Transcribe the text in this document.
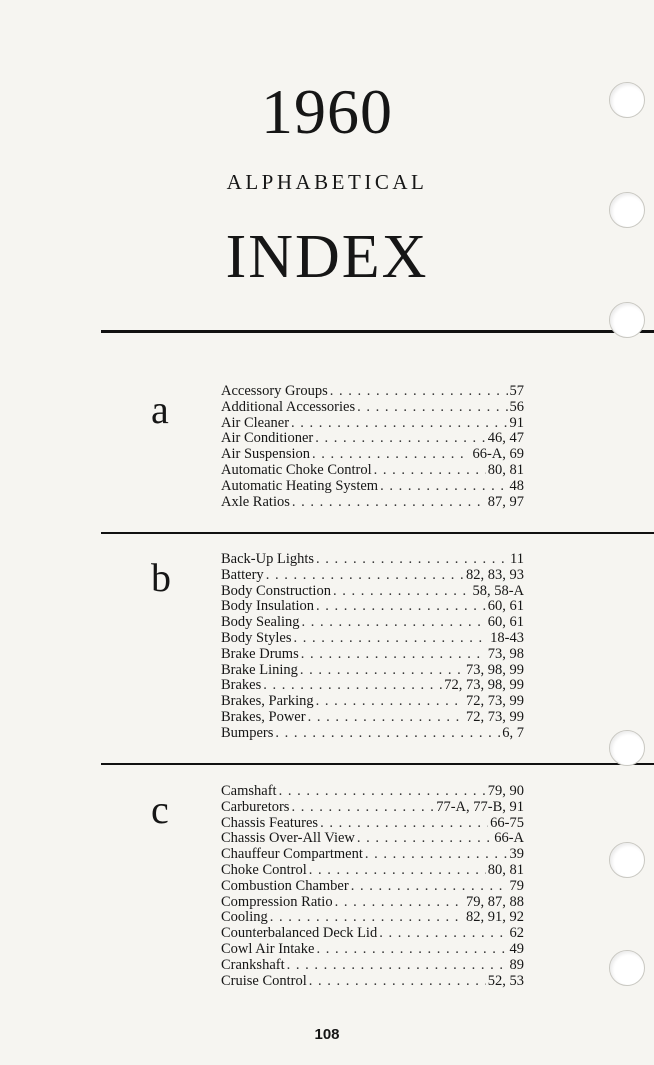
1960
ALPHABETICAL
INDEX
a	Accessory Groups . . .	57
Additional Accessories . . .	56
Air Cleaner . . .	91
Air Conditioner . . .	46, 47
Air Suspension . . .	66-A, 69
Automatic Choke Control . . .	80, 81
Automatic Heating System . . .	48
Axle Ratios . . .	87, 97
b	Back-Up Lights . . .	11
Battery . . .	82, 83, 93
Body Construction . . .	58, 58-A
Body Insulation . . .	60, 61
Body Sealing . . .	60, 61
Body Styles . . .	18-43
Brake Drums . . .	73, 98
Brake Lining . . .	73, 98, 99
Brakes . . .	72, 73, 98, 99
Brakes, Parking . . .	72, 73, 99
Brakes, Power . . .	72, 73, 99
Bumpers . . .	6, 7
c	Camshaft . . .	79, 90
Carburetors . . .	77-A, 77-B, 91
Chassis Features . . .	66-75
Chassis Over-All View . . .	66-A
Chauffeur Compartment . . .	39
Choke Control . . .	80, 81
Combustion Chamber . . .	79
Compression Ratio . . .	79, 87, 88
Cooling . . .	82, 91, 92
Counterbalanced Deck Lid . . .	62
Cowl Air Intake . . .	49
Crankshaft . . .	89
Cruise Control . . .	52, 53
108
